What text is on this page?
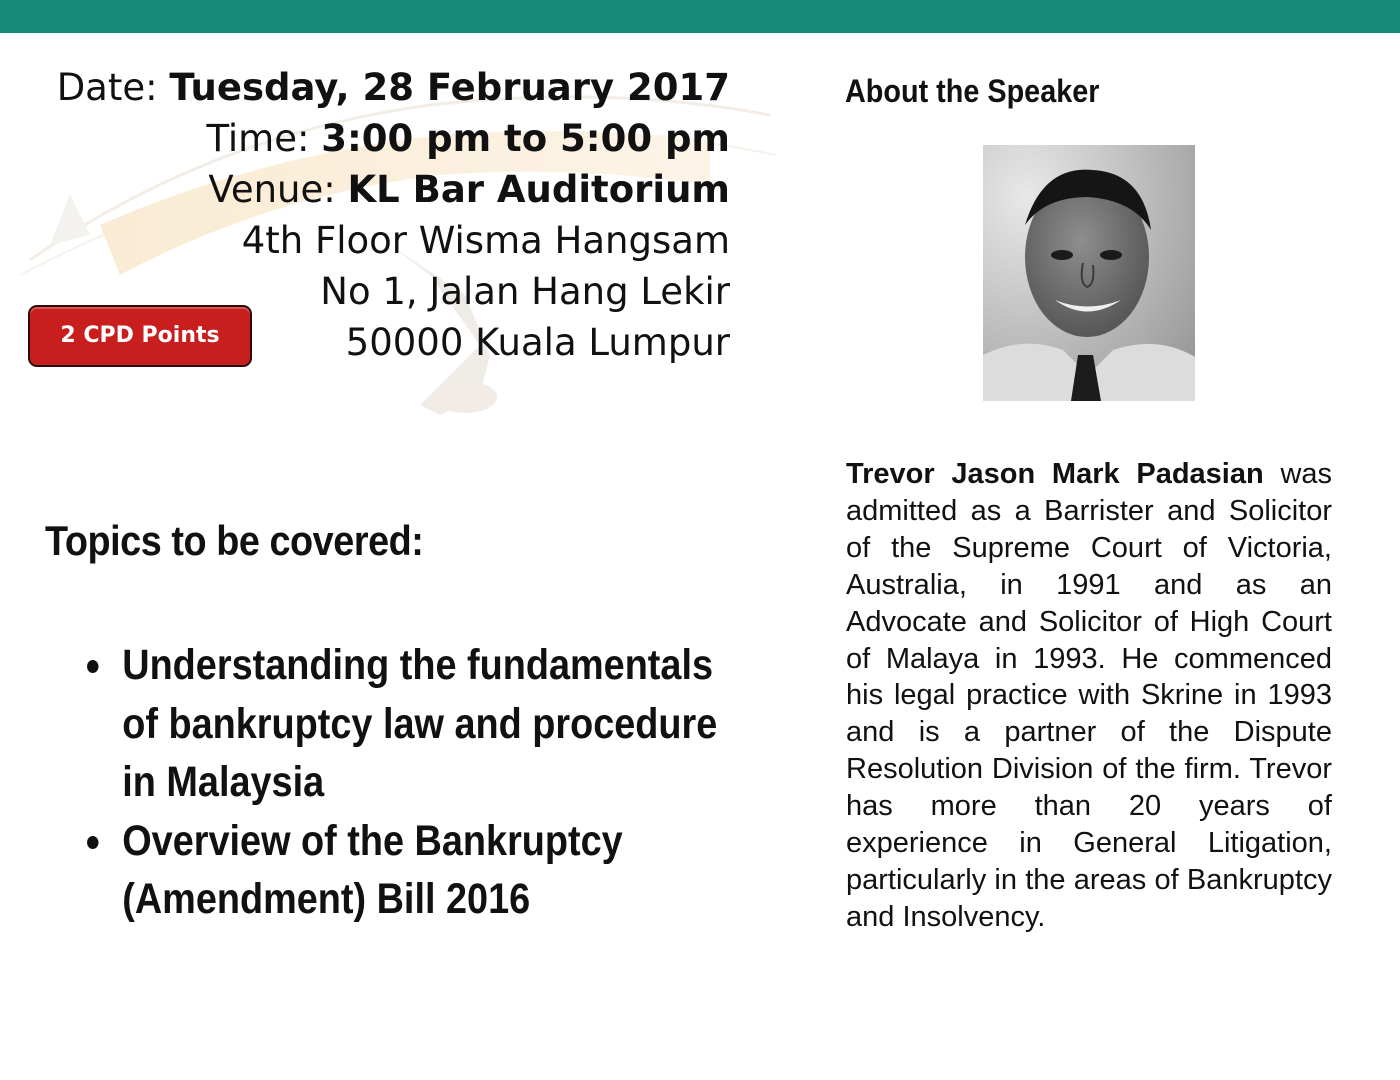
Date: Tuesday, 28 February 2017
Time: 3:00 pm to 5:00 pm
Venue: KL Bar Auditorium
4th Floor Wisma Hangsam
No 1, Jalan Hang Lekir
50000 Kuala Lumpur
2 CPD Points
Topics to be covered:
Understanding the fundamentals of bankruptcy law and procedure in Malaysia
Overview of the Bankruptcy (Amendment) Bill 2016
About the Speaker

Trevor Jason Mark Padasian was admitted as a Barrister and Solicitor of the Supreme Court of Victoria, Australia, in 1991 and as an Advocate and Solicitor of High Court of Malaya in 1993. He commenced his legal practice with Skrine in 1993 and is a partner of the Dispute Resolution Division of the firm. Trevor has more than 20 years of experience in General Litigation, particularly in the areas of Bankruptcy and Insolvency.
